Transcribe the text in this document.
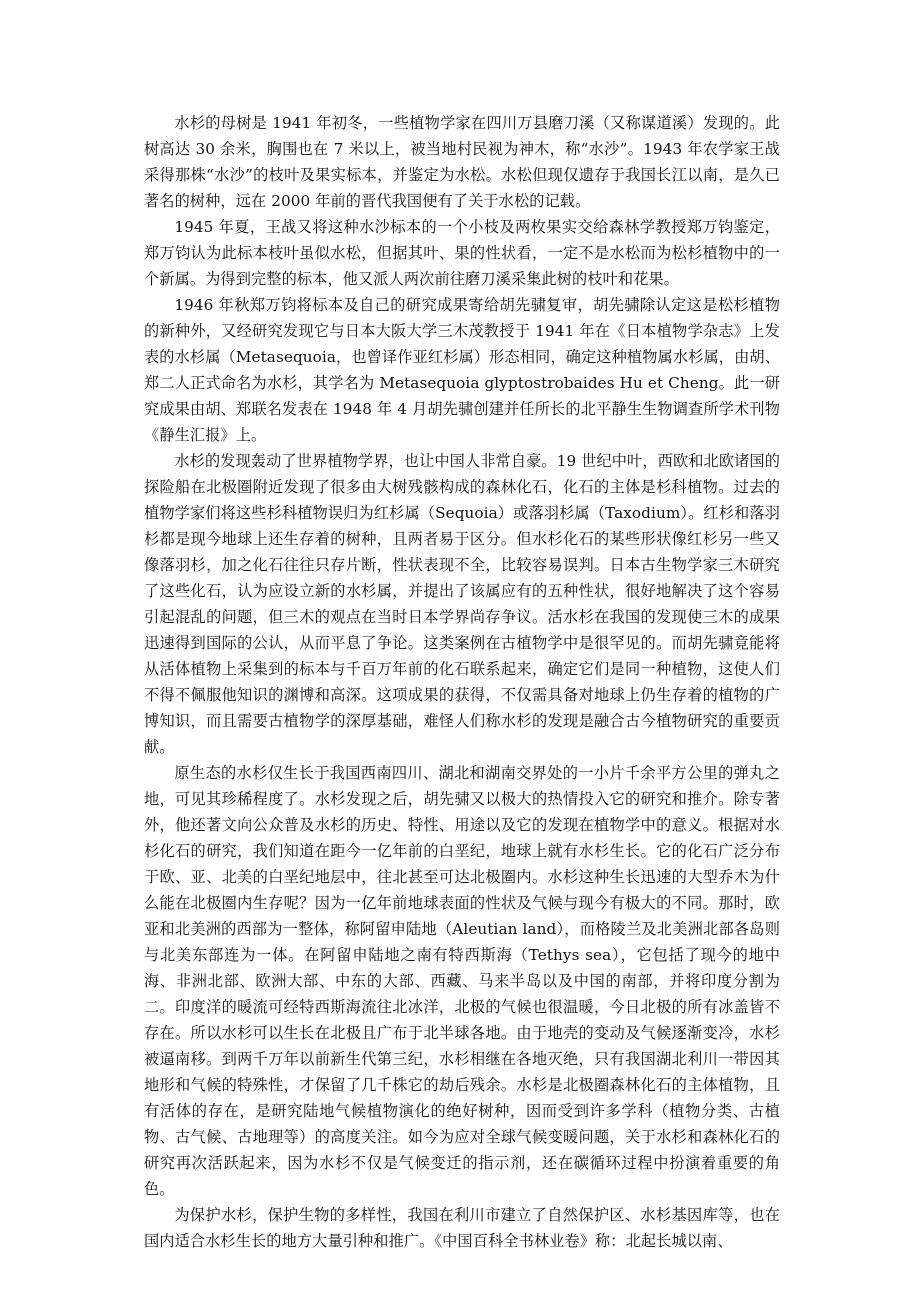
水杉的母树是 1941 年初冬，一些植物学家在四川万县磨刀溪（又称谋道溪）发现的。此树高达 30 余米，胸围也在 7 米以上，被当地村民视为神木，称“水沙”。1943 年农学家王战采得那株“水沙”的枝叶及果实标本，并鉴定为水松。水松但现仅遗存于我国长江以南，是久已著名的树种，远在 2000 年前的晋代我国便有了关于水松的记载。

1945 年夏，王战又将这种水沙标本的一个小枝及两枚果实交给森林学教授郑万钧鉴定，郑万钧认为此标本枝叶虽似水松，但据其叶、果的性状看，一定不是水松而为松杉植物中的一个新属。为得到完整的标本，他又派人两次前往磨刀溪采集此树的枝叶和花果。

1946 年秋郑万钧将标本及自己的研究成果寄给胡先骕复审，胡先骕除认定这是松杉植物的新种外，又经研究发现它与日本大阪大学三木茂教授于 1941 年在《日本植物学杂志》上发表的水杉属（Metasequoia，也曾译作亚红杉属）形态相同，确定这种植物属水杉属，由胡、郑二人正式命名为水杉，其学名为 Metasequoia glyptostrobaides Hu et Cheng。此一研究成果由胡、郑联名发表在 1948 年 4 月胡先骕创建并任所长的北平静生生物调查所学术刊物《静生汇报》上。

水杉的发现轰动了世界植物学界，也让中国人非常自豪。19 世纪中叶，西欧和北欧诸国的探险船在北极圈附近发现了很多由大树残骸构成的森林化石，化石的主体是杉科植物。过去的植物学家们将这些杉科植物误归为红杉属（Sequoia）或落羽杉属（Taxodium）。红杉和落羽杉都是现今地球上还生存着的树种，且两者易于区分。但水杉化石的某些形状像红杉另一些又像落羽杉，加之化石往往只存片断，性状表现不全，比较容易误判。日本古生物学家三木研究了这些化石，认为应设立新的水杉属，并提出了该属应有的五种性状，很好地解决了这个容易引起混乱的问题，但三木的观点在当时日本学界尚存争议。活水杉在我国的发现使三木的成果迅速得到国际的公认，从而平息了争论。这类案例在古植物学中是很罕见的。而胡先骕竟能将从活体植物上采集到的标本与千百万年前的化石联系起来，确定它们是同一种植物，这使人们不得不佩服他知识的渊博和高深。这项成果的获得，不仅需具备对地球上仍生存着的植物的广博知识，而且需要古植物学的深厚基础，难怪人们称水杉的发现是融合古今植物研究的重要贡献。

原生态的水杉仅生长于我国西南四川、湖北和湖南交界处的一小片千余平方公里的弹丸之地，可见其珍稀程度了。水杉发现之后，胡先骕又以极大的热情投入它的研究和推介。除专著外，他还著文向公众普及水杉的历史、特性、用途以及它的发现在植物学中的意义。根据对水杉化石的研究，我们知道在距今一亿年前的白垩纪，地球上就有水杉生长。它的化石广泛分布于欧、亚、北美的白垩纪地层中，往北甚至可达北极圈内。水杉这种生长迅速的大型乔木为什么能在北极圈内生存呢？因为一亿年前地球表面的性状及气候与现今有极大的不同。那时，欧亚和北美洲的西部为一整体，称阿留申陆地（Aleutian land），而格陵兰及北美洲北部各岛则与北美东部连为一体。在阿留申陆地之南有特西斯海（Tethys sea），它包括了现今的地中海、非洲北部、欧洲大部、中东的大部、西藏、马来半岛以及中国的南部，并将印度分割为二。印度洋的暖流可经特西斯海流往北冰洋，北极的气候也很温暖，今日北极的所有冰盖皆不存在。所以水杉可以生长在北极且广布于北半球各地。由于地壳的变动及气候逐渐变冷，水杉被逼南移。到两千万年以前新生代第三纪，水杉相继在各地灭绝，只有我国湖北利川一带因其地形和气候的特殊性，才保留了几千株它的劫后残余。水杉是北极圈森林化石的主体植物，且有活体的存在，是研究陆地气候植物演化的绝好树种，因而受到许多学科（植物分类、古植物、古气候、古地理等）的高度关注。如今为应对全球气候变暖问题，关于水杉和森林化石的研究再次活跃起来，因为水杉不仅是气候变迁的指示剂，还在碳循环过程中扮演着重要的角色。

为保护水杉，保护生物的多样性，我国在利川市建立了自然保护区、水杉基因库等，也在国内适合水杉生长的地方大量引种和推广。《中国百科全书林业卷》称：北起长城以南、
